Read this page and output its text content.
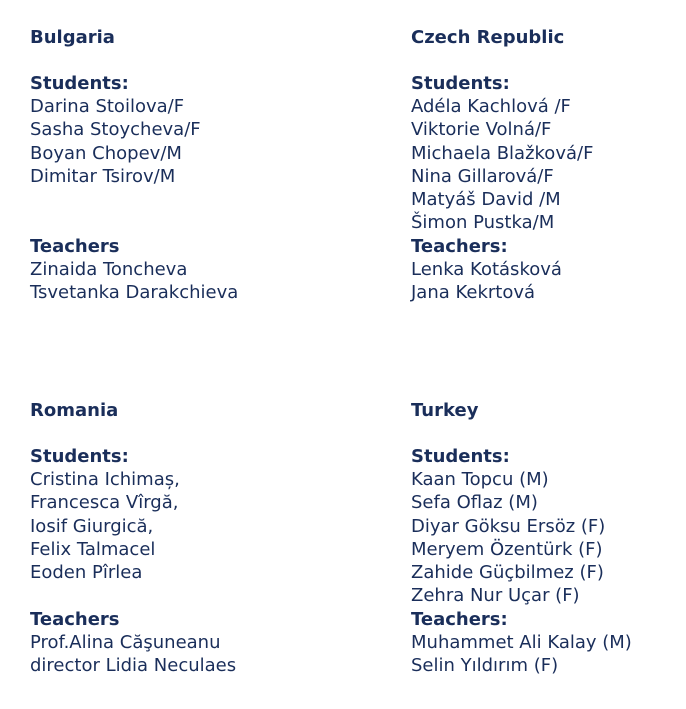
Bulgaria
Students:
Darina Stoilova/F
Sasha Stoycheva/F
Boyan Chopev/M
Dimitar Tsirov/M
Teachers
Zinaida Toncheva
Tsvetanka Darakchieva
Czech Republic
Students:
Adéla Kachlová /F
Viktorie Volná/F
Michaela Blažková/F
Nina Gillarová/F
Matyáš David /M
Šimon Pustka/M
Teachers:
Lenka Kotásková
Jana Kekrtová
Romania
Students:
Cristina Ichimaș,
Francesca Vîrgă,
Iosif Giurgică,
Felix Talmacel
Eoden Pîrlea
Teachers
Prof.Alina Căşuneanu
director Lidia Neculaes
Turkey
Students:
Kaan Topcu (M)
Sefa Oflaz (M)
Diyar Göksu Ersöz (F)
Meryem Özentürk (F)
Zahide Güçbilmez (F)
Zehra Nur Uçar (F)
Teachers:
Muhammet Ali Kalay (M)
Selin Yıldırım (F)
